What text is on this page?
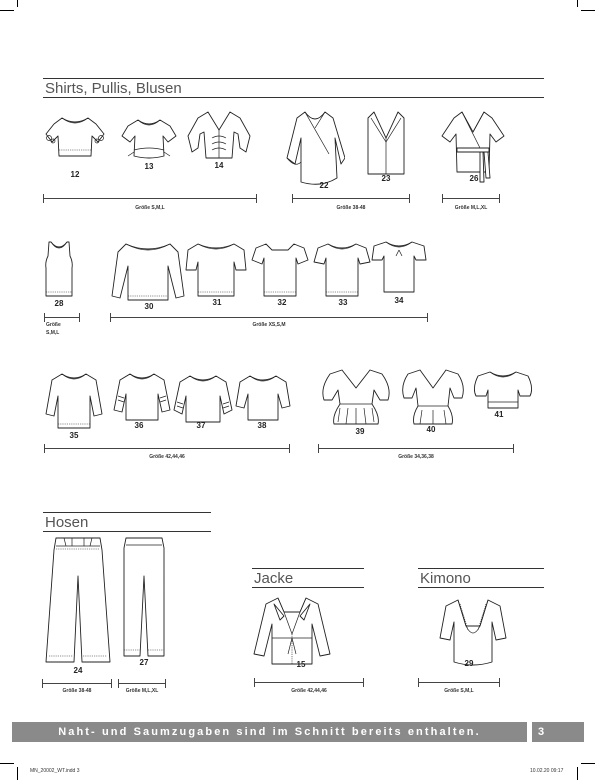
Shirts, Pullis, Blusen
12
13	14
22
23	26
Größe S,M,L	Größe 38-48	Größe M,L,XL
28	30	31	32	33	34
Größe
S,M,L
Größe XS,S,M
35
36	37	38
39	40
41
Größe 42,44,46	Größe 34,36,38
Hosen
24
27
Größe 38-48	Größe M,L,XL
Jacke
15
Größe 42,44,46
Kimono
29
Größe S,M,L
Naht- und Saumzugaben sind im Schnitt bereits enthalten.	3
MN_20002_WT.indd 3	10.02.20 09:17
